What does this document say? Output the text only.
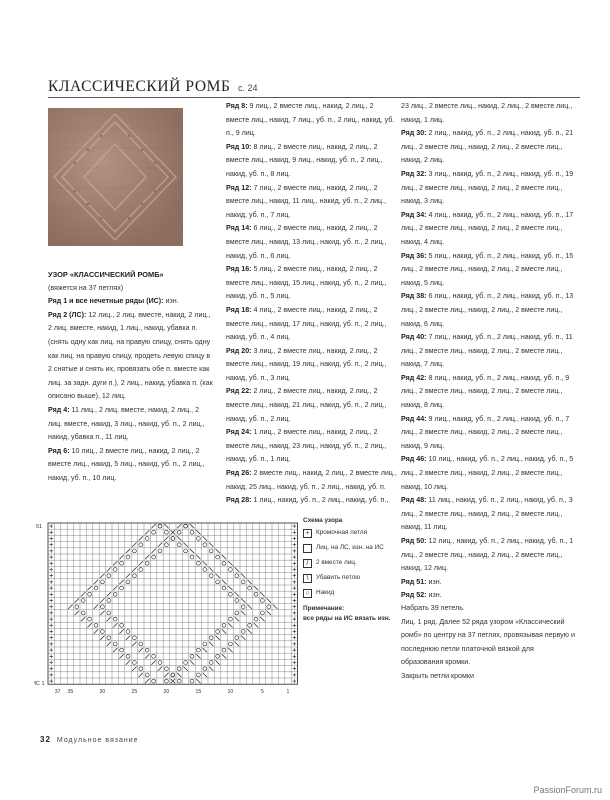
КЛАССИЧЕСКИЙ РОМБ с. 24

УЗОР «КЛАССИЧЕСКИЙ РОМБ»

(вяжется на 37 петлях)

Ряд 1 и все нечетные ряды (ИС): изн.

Ряд 2 (ЛС): 12 лиц., 2 лиц. вместе, накид, 2 лиц., 2 лиц. вместе, накид, 1 лиц., накид, убавка п. (снять одну как лиц. на правую спицу, снять одну как лиц. на правую спицу, продеть левую спицу в 2 снятые и снять их, провязать обе п. вместе как лиц. за задн. дуги п.), 2 лиц., накид, убавка п. (как описано выше), 12 лиц.

Ряд 4: 11 лиц., 2 лиц. вместе, накид, 2 лиц., 2 лиц. вместе, накид, 3 лиц., накид, уб. п., 2 лиц., накид, убавка п., 11 лиц.

Ряд 6: 10 лиц., 2 вместе лиц., накид, 2 лиц., 2 вместе лиц., накид, 5 лиц., накид, уб. п., 2 лиц., накид, уб. п., 10 лиц.

Ряд 8: 9 лиц., 2 вместе лиц., накид, 2 лиц., 2 вместе лиц., накид, 7 лиц., уб. п., 2 лиц., накид, уб. п., 9 лиц.

Ряд 10: 8 лиц., 2 вместе лиц., накид, 2 лиц., 2 вместе лиц., накид, 9 лиц., накид, уб. п., 2 лиц., накид, уб. п., 8 лиц.

Ряд 12: 7 лиц., 2 вместе лиц., накид, 2 лиц., 2 вместе лиц., накид, 11 лиц., накид, уб. п., 2 лиц., накид, уб. п., 7 лиц.

Ряд 14: 6 лиц., 2 вместе лиц., накид, 2 лиц., 2 вместе лиц., накид, 13 лиц., накид, уб. п., 2 лиц., накид, уб. п., 6 лиц.

Ряд 16: 5 лиц., 2 вместе лиц., накид, 2 лиц., 2 вместе лиц., накид, 15 лиц., накид, уб. п., 2 лиц., накид, уб. п., 5 лиц.

Ряд 18: 4 лиц., 2 вместе лиц., накид, 2 лиц., 2 вместе лиц., накид, 17 лиц., накид, уб. п., 2 лиц., накид, уб. п., 4 лиц.

Ряд 20: 3 лиц., 2 вместе лиц., накид, 2 лиц., 2 вместе лиц., накид, 19 лиц., накид, уб. п., 2 лиц., накид, уб. п., 3 лиц.

Ряд 22: 2 лиц., 2 вместе лиц., накид, 2 лиц., 2 вместе лиц., накид, 21 лиц., накид, уб. п., 2 лиц., накид, уб. п., 2 лиц.

Ряд 24: 1 лиц., 2 вместе лиц., накид, 2 лиц., 2 вместе лиц., накид, 23 лиц., накид, уб. п., 2 лиц., накид, уб. п., 1 лиц.

Ряд 26: 2 вместе лиц., накид, 2 лиц., 2 вместе лиц., накид, 25 лиц., накид, уб. п., 2 лиц., накид, уб. п.

Ряд 28: 1 лиц., накид, уб. п., 2 лиц., накид, уб. п.,

23 лиц., 2 вместе лиц., накид, 2 лиц., 2 вместе лиц., накид, 1 лиц.

Ряд 30: 2 лиц., накид, уб. п., 2 лиц., накид, уб. п., 21 лиц., 2 вместе лиц., накид, 2 лиц., 2 вместе лиц., накид, 2 лиц.

Ряд 32: 3 лиц., накид, уб. п., 2 лиц., накид, уб. п., 19 лиц., 2 вместе лиц., накид, 2 лиц., 2 вместе лиц., накид, 3 лиц.

Ряд 34: 4 лиц., накид, уб. п., 2 лиц., накид, уб. п., 17 лиц., 2 вместе лиц., накид, 2 лиц., 2 вместе лиц., накид, 4 лиц.

Ряд 36: 5 лиц., накид, уб. п., 2 лиц., накид, уб. п., 15 лиц., 2 вместе лиц., накид, 2 лиц., 2 вместе лиц., накид, 5 лиц.

Ряд 38: 6 лиц., накид, уб. п., 2 лиц., накид, уб. п., 13 лиц., 2 вместе лиц., накид, 2 лиц., 2 вместе лиц., накид, 6 лиц.

Ряд 40: 7 лиц., накид, уб. п., 2 лиц., накид, уб. п., 11 лиц., 2 вместе лиц., накид, 2 лиц., 2 вместе лиц., накид, 7 лиц.

Ряд 42: 8 лиц., накид, уб. п., 2 лиц., накид, уб. п., 9 лиц., 2 вместе лиц., накид, 2 лиц., 2 вместе лиц., накид, 8 лиц.

Ряд 44: 9 лиц., накид, уб. п., 2 лиц., накид, уб. п., 7 лиц., 2 вместе лиц., накид, 2 лиц., 2 вместе лиц., накид, 9 лиц.

Ряд 46: 10 лиц., накид, уб. п., 2 лиц., накид, уб. п., 5 лиц., 2 вместе лиц., накид, 2 лиц., 2 вместе лиц., накид, 10 лиц.

Ряд 48: 11 лиц., накид, уб. п., 2 лиц., накид, уб. п., 3 лиц., 2 вместе лиц., накид, 2 лиц., 2 вместе лиц., накид, 11 лиц.

Ряд 50: 12 лиц., накид, уб. п., 2 лиц., накид, уб. п., 1 лиц., 2 вместе лиц., накид, 2 лиц., 2 вместе лиц., накид, 12 лиц.

Ряд 51: изн.

Ряд 52: изн.

51
С 1
37 35	30	25	20	15	10	5	1
Схема узора
+	Кромочная петля
Лиц. на ЛС, изн. на ИС
/	2 вместе лиц.
\	Убавить петлю
○ Накид
Примечание:
все ряды на ИС вязать изн.

Набрать 39 петель.

Лиц. 1 ряд. Далее 52 ряда узором «Классический ромб» по центру на 37 петлях, провязывая первую и последнюю петли платочной вязкой для образования кромки.

Закрыть петли кромки

32 Модульное вязание
PassionForum.ru
